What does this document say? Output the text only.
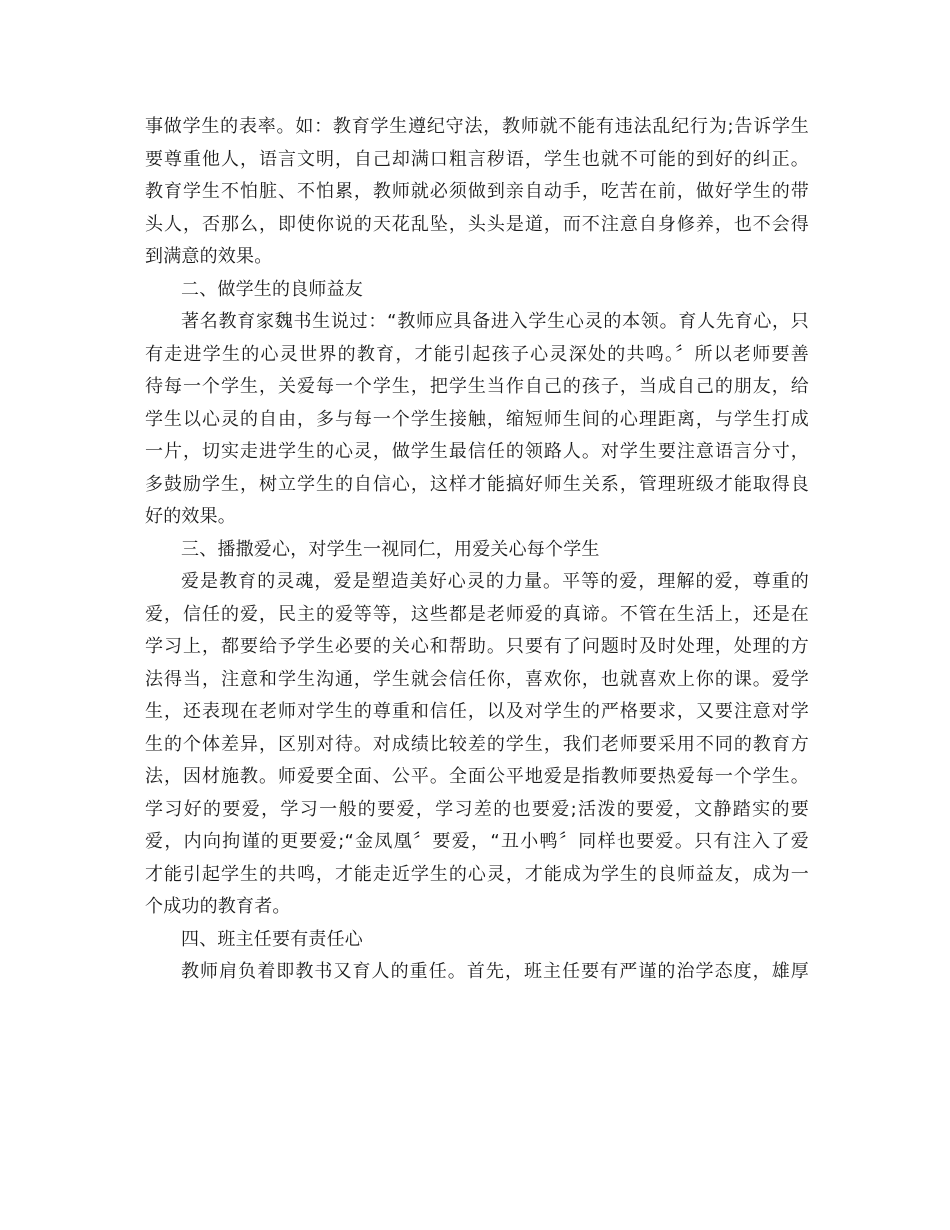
事做学生的表率。如：教育学生遵纪守法，教师就不能有违法乱纪行为;告诉学生
要尊重他人，语言文明，自己却满口粗言秽语，学生也就不可能的到好的纠正。
教育学生不怕脏、不怕累，教师就必须做到亲自动手，吃苦在前，做好学生的带
头人，否那么，即使你说的天花乱坠，头头是道，而不注意自身修养，也不会得
到满意的效果。

二、做学生的良师益友

著名教育家魏书生说过：“教师应具备进入学生心灵的本领。育人先育心，只
有走进学生的心灵世界的教育，才能引起孩子心灵深处的共鸣。〞所以老师要善
待每一个学生，关爱每一个学生，把学生当作自己的孩子，当成自己的朋友，给
学生以心灵的自由，多与每一个学生接触，缩短师生间的心理距离，与学生打成
一片，切实走进学生的心灵，做学生最信任的领路人。对学生要注意语言分寸，
多鼓励学生，树立学生的自信心，这样才能搞好师生关系，管理班级才能取得良
好的效果。

三、播撒爱心，对学生一视同仁，用爱关心每个学生

爱是教育的灵魂，爱是塑造美好心灵的力量。平等的爱，理解的爱，尊重的
爱，信任的爱，民主的爱等等，这些都是老师爱的真谛。不管在生活上，还是在
学习上，都要给予学生必要的关心和帮助。只要有了问题时及时处理，处理的方
法得当，注意和学生沟通，学生就会信任你，喜欢你，也就喜欢上你的课。爱学
生，还表现在老师对学生的尊重和信任，以及对学生的严格要求，又要注意对学
生的个体差异，区别对待。对成绩比较差的学生，我们老师要采用不同的教育方
法，因材施教。师爱要全面、公平。全面公平地爱是指教师要热爱每一个学生。
学习好的要爱，学习一般的要爱，学习差的也要爱;活泼的要爱，文静踏实的要
爱，内向拘谨的更要爱;“金凤凰〞要爱，“丑小鸭〞同样也要爱。只有注入了爱
才能引起学生的共鸣，才能走近学生的心灵，才能成为学生的良师益友，成为一
个成功的教育者。

四、班主任要有责任心

教师肩负着即教书又育人的重任。首先，班主任要有严谨的治学态度，雄厚
